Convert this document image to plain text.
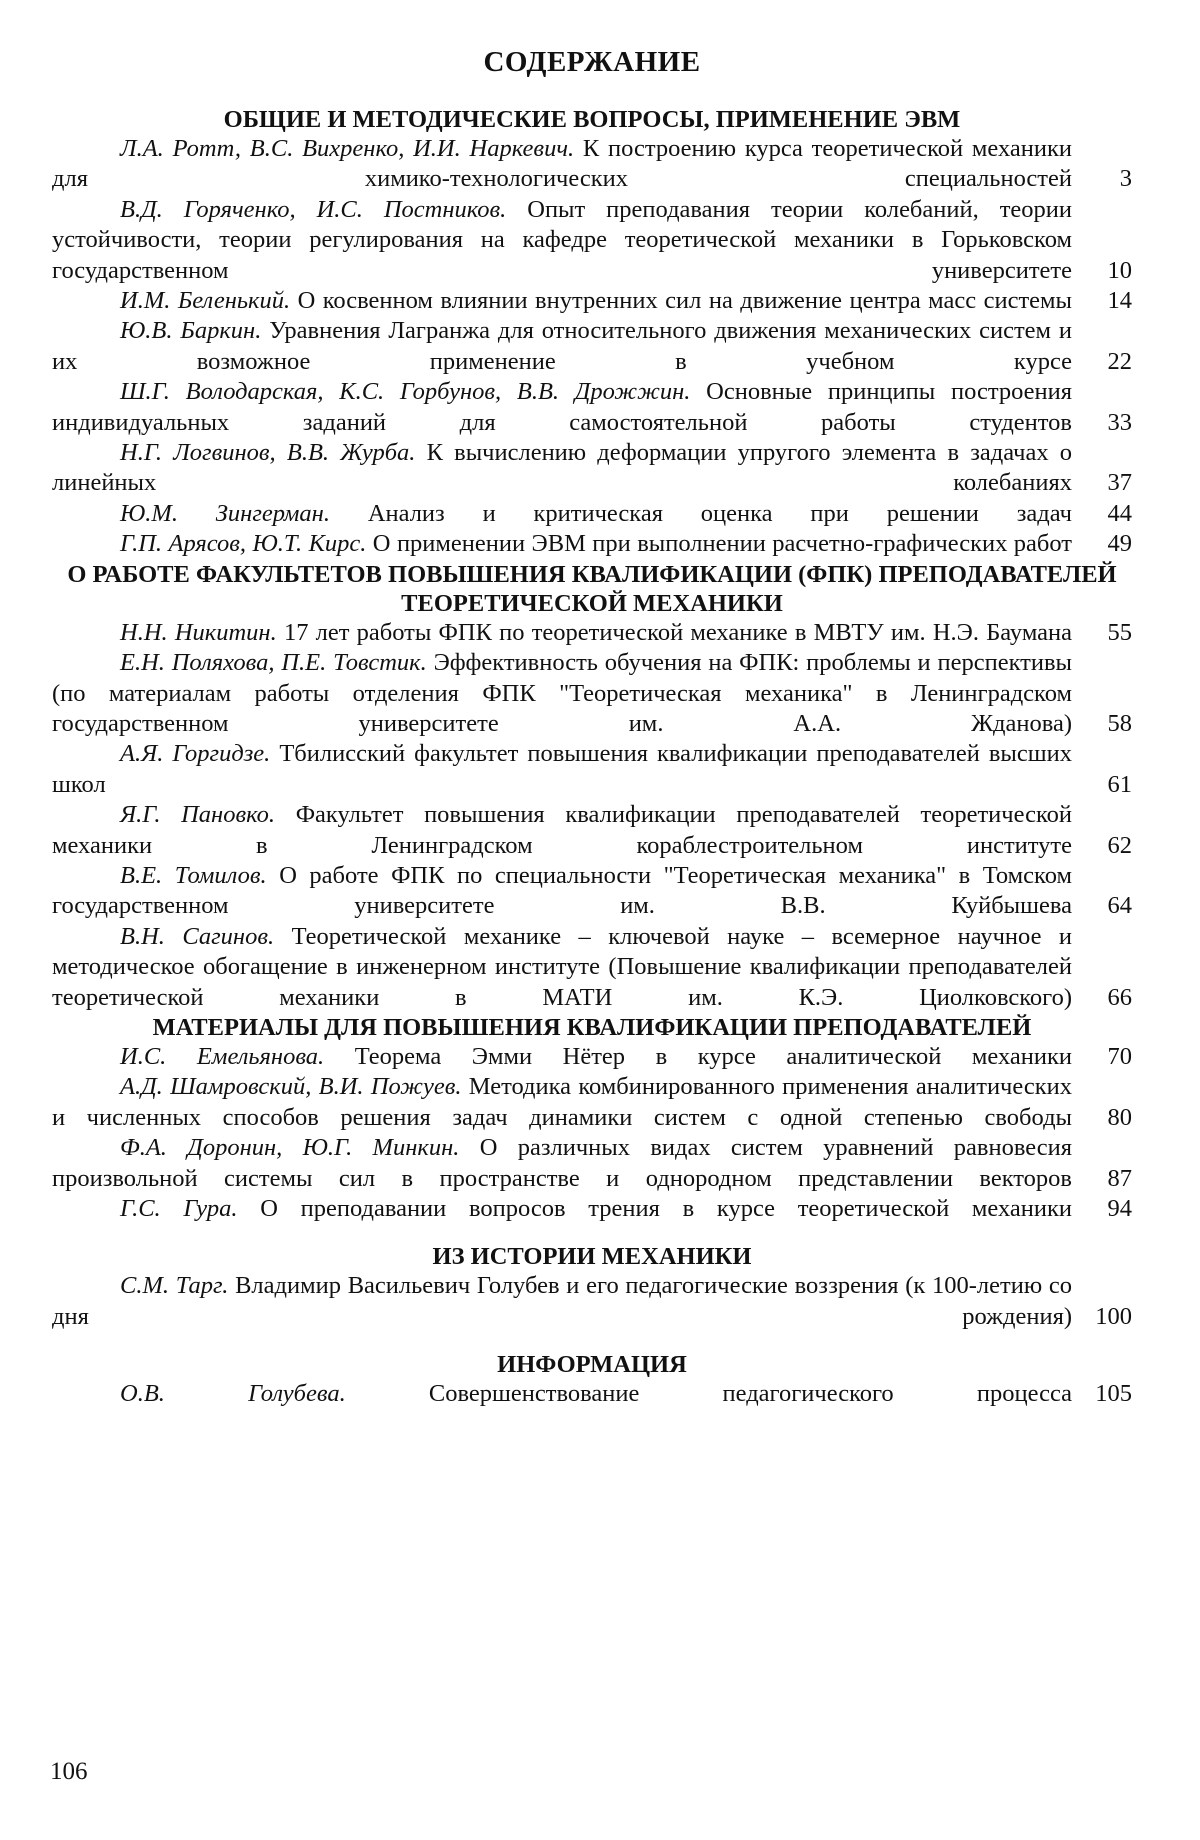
СОДЕРЖАНИЕ
ОБЩИЕ И МЕТОДИЧЕСКИЕ ВОПРОСЫ, ПРИМЕНЕНИЕ ЭВМ
Л.А. Ротт, В.С. Вихренко, И.И. Наркевич. К построению курса теоретической механики для химико-технологических специальностей	3
В.Д. Горяченко, И.С. Постников. Опыт преподавания теории колебаний, теории устойчивости, теории регулирования на кафедре теоретической механики в Горьковском государственном университете	10
И.М. Беленький. О косвенном влиянии внутренних сил на движение центра масс системы	14
Ю.В. Баркин. Уравнения Лагранжа для относительного движения механических систем и их возможное применение в учебном курсе	22
Ш.Г. Володарская, К.С. Горбунов, В.В. Дрожжин. Основные принципы построения индивидуальных заданий для самостоятельной работы студентов	33
Н.Г. Логвинов, В.В. Журба. К вычислению деформации упругого элемента в задачах о линейных колебаниях	37
Ю.М. Зингерман. Анализ и критическая оценка при решении задач	44
Г.П. Арясов, Ю.Т. Кирс. О применении ЭВМ при выполнении расчетно-графических работ	49
О РАБОТЕ ФАКУЛЬТЕТОВ ПОВЫШЕНИЯ КВАЛИФИКАЦИИ (ФПК) ПРЕПОДАВАТЕЛЕЙ ТЕОРЕТИЧЕСКОЙ МЕХАНИКИ
Н.Н. Никитин. 17 лет работы ФПК по теоретической механике в МВТУ им. Н.Э. Баумана	55
Е.Н. Поляхова, П.Е. Товстик. Эффективность обучения на ФПК: проблемы и перспективы (по материалам работы отделения ФПК "Теоретическая механика" в Ленинградском государственном университете им. А.А. Жданова)	58
А.Я. Горгидзе. Тбилисский факультет повышения квалификации преподавателей высших школ	61
Я.Г. Пановко. Факультет повышения квалификации преподавателей теоретической механики в Ленинградском кораблестроительном институте	62
В.Е. Томилов. О работе ФПК по специальности "Теоретическая механика" в Томском государственном университете им. В.В. Куйбышева	64
В.Н. Сагинов. Теоретической механике – ключевой науке – всемерное научное и методическое обогащение в инженерном институте (Повышение квалификации преподавателей теоретической механики в МАТИ им. К.Э. Циолковского)	66
МАТЕРИАЛЫ ДЛЯ ПОВЫШЕНИЯ КВАЛИФИКАЦИИ ПРЕПОДАВАТЕЛЕЙ
И.С. Емельянова. Теорема Эмми Нётер в курсе аналитической механики	70
А.Д. Шамровский, В.И. Пожуев. Методика комбинированного применения аналитических и численных способов решения задач динамики систем с одной степенью свободы	80
Ф.А. Доронин, Ю.Г. Минкин. О различных видах систем уравнений равновесия произвольной системы сил в пространстве и однородном представлении векторов	87
Г.С. Гура. О преподавании вопросов трения в курсе теоретической механики	94
ИЗ ИСТОРИИ МЕХАНИКИ
С.М. Тарг. Владимир Васильевич Голубев и его педагогические воззрения (к 100-летию со дня рождения) 100
ИНФОРМАЦИЯ
О.В. Голубева.	Совершенствование педагогического процесса 105
106
